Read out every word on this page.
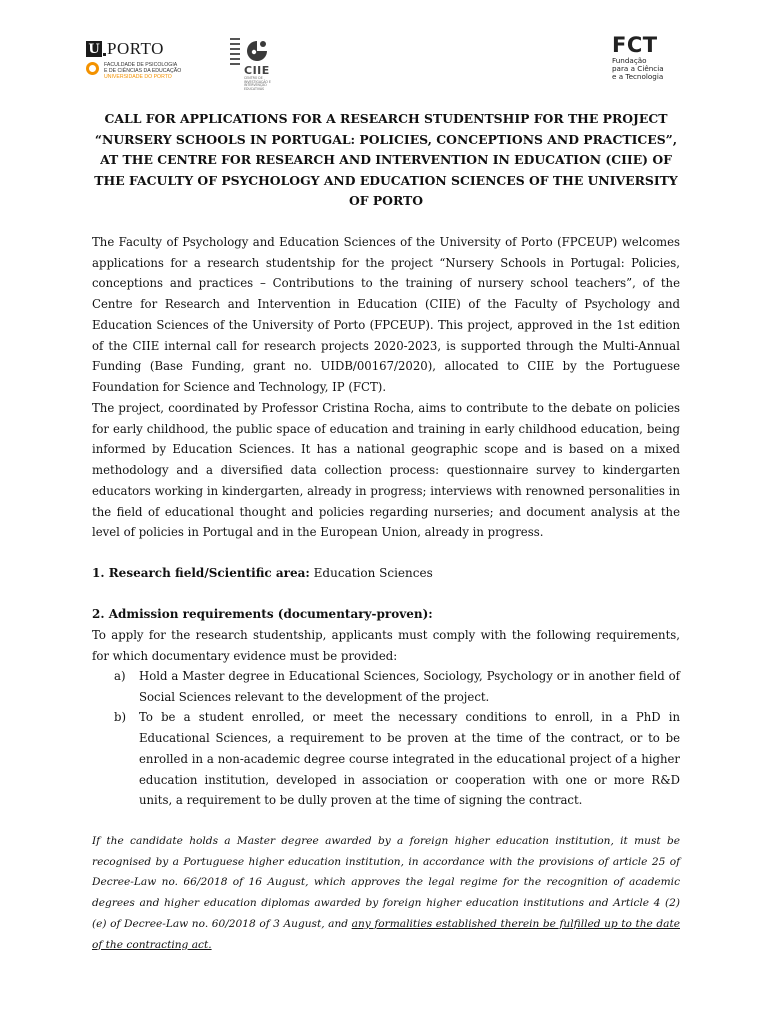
U PORTO
FACULDADE DE PSICOLOGIA
E DE CIÊNCIAS DA EDUCAÇÃO
UNIVERSIDADE DO PORTO	CIIE
CENTRO DE INVESTIGAÇÃO E INTERVENÇÃO EDUCATIVAS
FCT
Fundação
para a Ciência
e a Tecnologia
CALL FOR APPLICATIONS FOR A RESEARCH STUDENTSHIP FOR THE PROJECT “NURSERY SCHOOLS IN PORTUGAL: POLICIES, CONCEPTIONS AND PRACTICES”, AT THE CENTRE FOR RESEARCH AND INTERVENTION IN EDUCATION (CIIE) OF THE FACULTY OF PSYCHOLOGY AND EDUCATION SCIENCES OF THE UNIVERSITY OF PORTO

The Faculty of Psychology and Education Sciences of the University of Porto (FPCEUP) welcomes applications for a research studentship for the project “Nursery Schools in Portugal: Policies, conceptions and practices – Contributions to the training of nursery school teachers”, of the Centre for Research and Intervention in Education (CIIE) of the Faculty of Psychology and Education Sciences of the University of Porto (FPCEUP). This project, approved in the 1st edition of the CIIE internal call for research projects 2020-2023, is supported through the Multi-Annual Funding (Base Funding, grant no. UIDB/00167/2020), allocated to CIIE by the Portuguese Foundation for Science and Technology, IP (FCT).

The project, coordinated by Professor Cristina Rocha, aims to contribute to the debate on policies for early childhood, the public space of education and training in early childhood education, being informed by Education Sciences. It has a national geographic scope and is based on a mixed methodology and a diversified data collection process: questionnaire survey to kindergarten educators working in kindergarten, already in progress; interviews with renowned personalities in the field of educational thought and policies regarding nurseries; and document analysis at the level of policies in Portugal and in the European Union, already in progress.

1. Research field/Scientific area: Education Sciences

2. Admission requirements (documentary-proven):

To apply for the research studentship, applicants must comply with the following requirements, for which documentary evidence must be provided:

a)	Hold a Master degree in Educational Sciences, Sociology, Psychology or in another field of Social Sciences relevant to the development of the project.
b)	To be a student enrolled, or meet the necessary conditions to enroll, in a PhD in Educational Sciences, a requirement to be proven at the time of the contract, or to be enrolled in a non-academic degree course integrated in the educational project of a higher education institution, developed in association or cooperation with one or more R&D units, a requirement to be dully proven at the time of signing the contract.

If the candidate holds a Master degree awarded by a foreign higher education institution, it must be recognised by a Portuguese higher education institution, in accordance with the provisions of article 25 of Decree-Law no. 66/2018 of 16 August, which approves the legal regime for the recognition of academic degrees and higher education diplomas awarded by foreign higher education institutions and Article 4 (2) (e) of Decree-Law no. 60/2018 of 3 August, and any formalities established therein be fulfilled up to the date of the contracting act.
